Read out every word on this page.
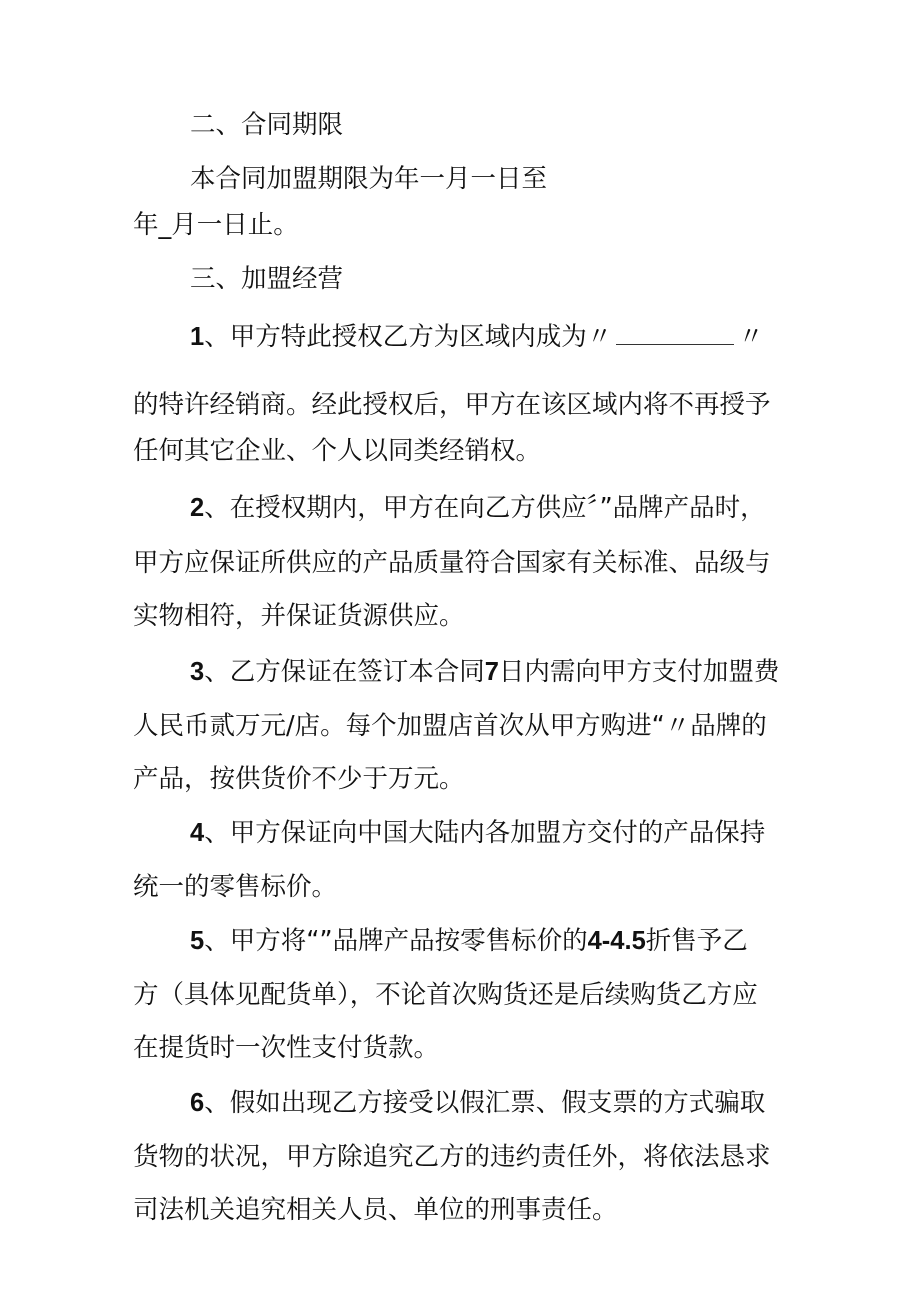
二、合同期限
本合同加盟期限为年一月一日至
年_月一日止。
三、加盟经营
1、甲方特此授权乙方为区域内成为〃	〃
的特许经销商。经此授权后，甲方在该区域内将不再授予
任何其它企业、个人以同类经销权。
2、在授权期内，甲方在向乙方供应〞”品牌产品时，
甲方应保证所供应的产品质量符合国家有关标准、品级与
实物相符，并保证货源供应。
3、乙方保证在签订本合同7日内需向甲方支付加盟费
人民币贰万元/店。每个加盟店首次从甲方购进“〃品牌的
产品，按供货价不少于万元。
4、甲方保证向中国大陆内各加盟方交付的产品保持
统一的零售标价。
5、甲方将“”品牌产品按零售标价的4-4.5折售予乙
方（具体见配货单），不论首次购货还是后续购货乙方应
在提货时一次性支付货款。
6、假如出现乙方接受以假汇票、假支票的方式骗取
货物的状况，甲方除追究乙方的违约责任外，将依法恳求
司法机关追究相关人员、单位的刑事责任。
